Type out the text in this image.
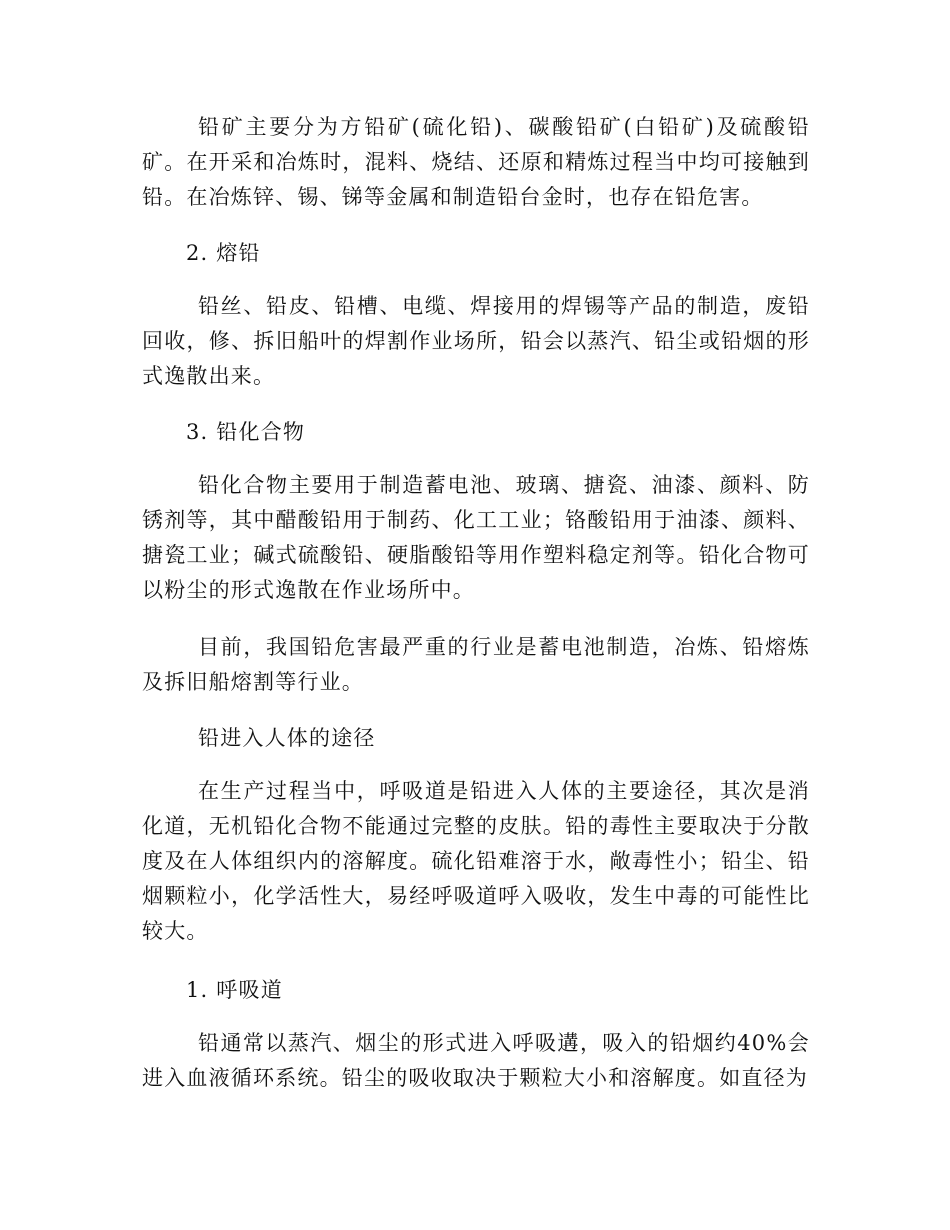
铅矿主要分为方铅矿(硫化铅)、碳酸铅矿(白铅矿)及硫酸铅矿。在开采和冶炼时，混料、烧结、还原和精炼过程当中均可接触到铅。在冶炼锌、锡、锑等金属和制造铅台金时，也存在铅危害。
2. 熔铅
铅丝、铅皮、铅槽、电缆、焊接用的焊锡等产品的制造，废铅回收，修、拆旧船叶的焊割作业场所，铅会以蒸汽、铅尘或铅烟的形式逸散出来。
3. 铅化合物
铅化合物主要用于制造蓄电池、玻璃、搪瓷、油漆、颜料、防锈剂等，其中醋酸铅用于制药、化工工业；铬酸铅用于油漆、颜料、搪瓷工业；碱式硫酸铅、硬脂酸铅等用作塑料稳定剂等。铅化合物可以粉尘的形式逸散在作业场所中。
目前，我国铅危害最严重的行业是蓄电池制造，冶炼、铅熔炼及拆旧船熔割等行业。
铅进入人体的途径
在生产过程当中，呼吸道是铅进入人体的主要途径，其次是消化道，无机铅化合物不能通过完整的皮肤。铅的毒性主要取决于分散度及在人体组织内的溶解度。硫化铅难溶于水，敞毒性小；铅尘、铅烟颗粒小，化学活性大，易经呼吸道呼入吸收，发生中毒的可能性比较大。
1. 呼吸道
铅通常以蒸汽、烟尘的形式进入呼吸遘，吸入的铅烟约40%会进入血液循环系统。铅尘的吸收取决于颗粒大小和溶解度。如直径为
